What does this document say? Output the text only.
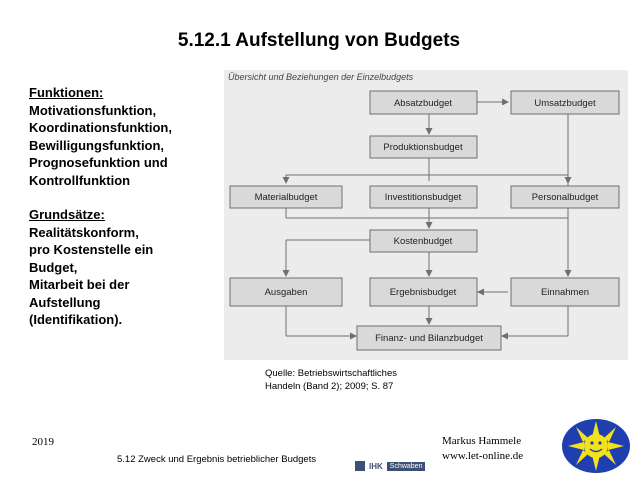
5.12.1 Aufstellung von Budgets
Funktionen:
Motivationsfunktion,
Koordinationsfunktion,
Bewilligungsfunktion,
Prognosefunktion und
Kontrollfunktion
Grundsätze:
Realitätskonform,
pro Kostenstelle ein
Budget,
Mitarbeit bei der
Aufstellung
(Identifikation).
Übersicht und Beziehungen der Einzelbudgets
Absatzbudget	Umsatzbudget
Produktionsbudget
Materialbudget	Investitionsbudget	Personalbudget
Kostenbudget
Ausgaben	Ergebnisbudget	Einnahmen
Finanz- und Bilanzbudget
Quelle: Betriebswirtschaftliches
Handeln (Band 2); 2009; S. 87
2019
5.12 Zweck und Ergebnis betrieblicher Budgets
IHK	Schwaben
Markus Hammele
www.let-online.de
